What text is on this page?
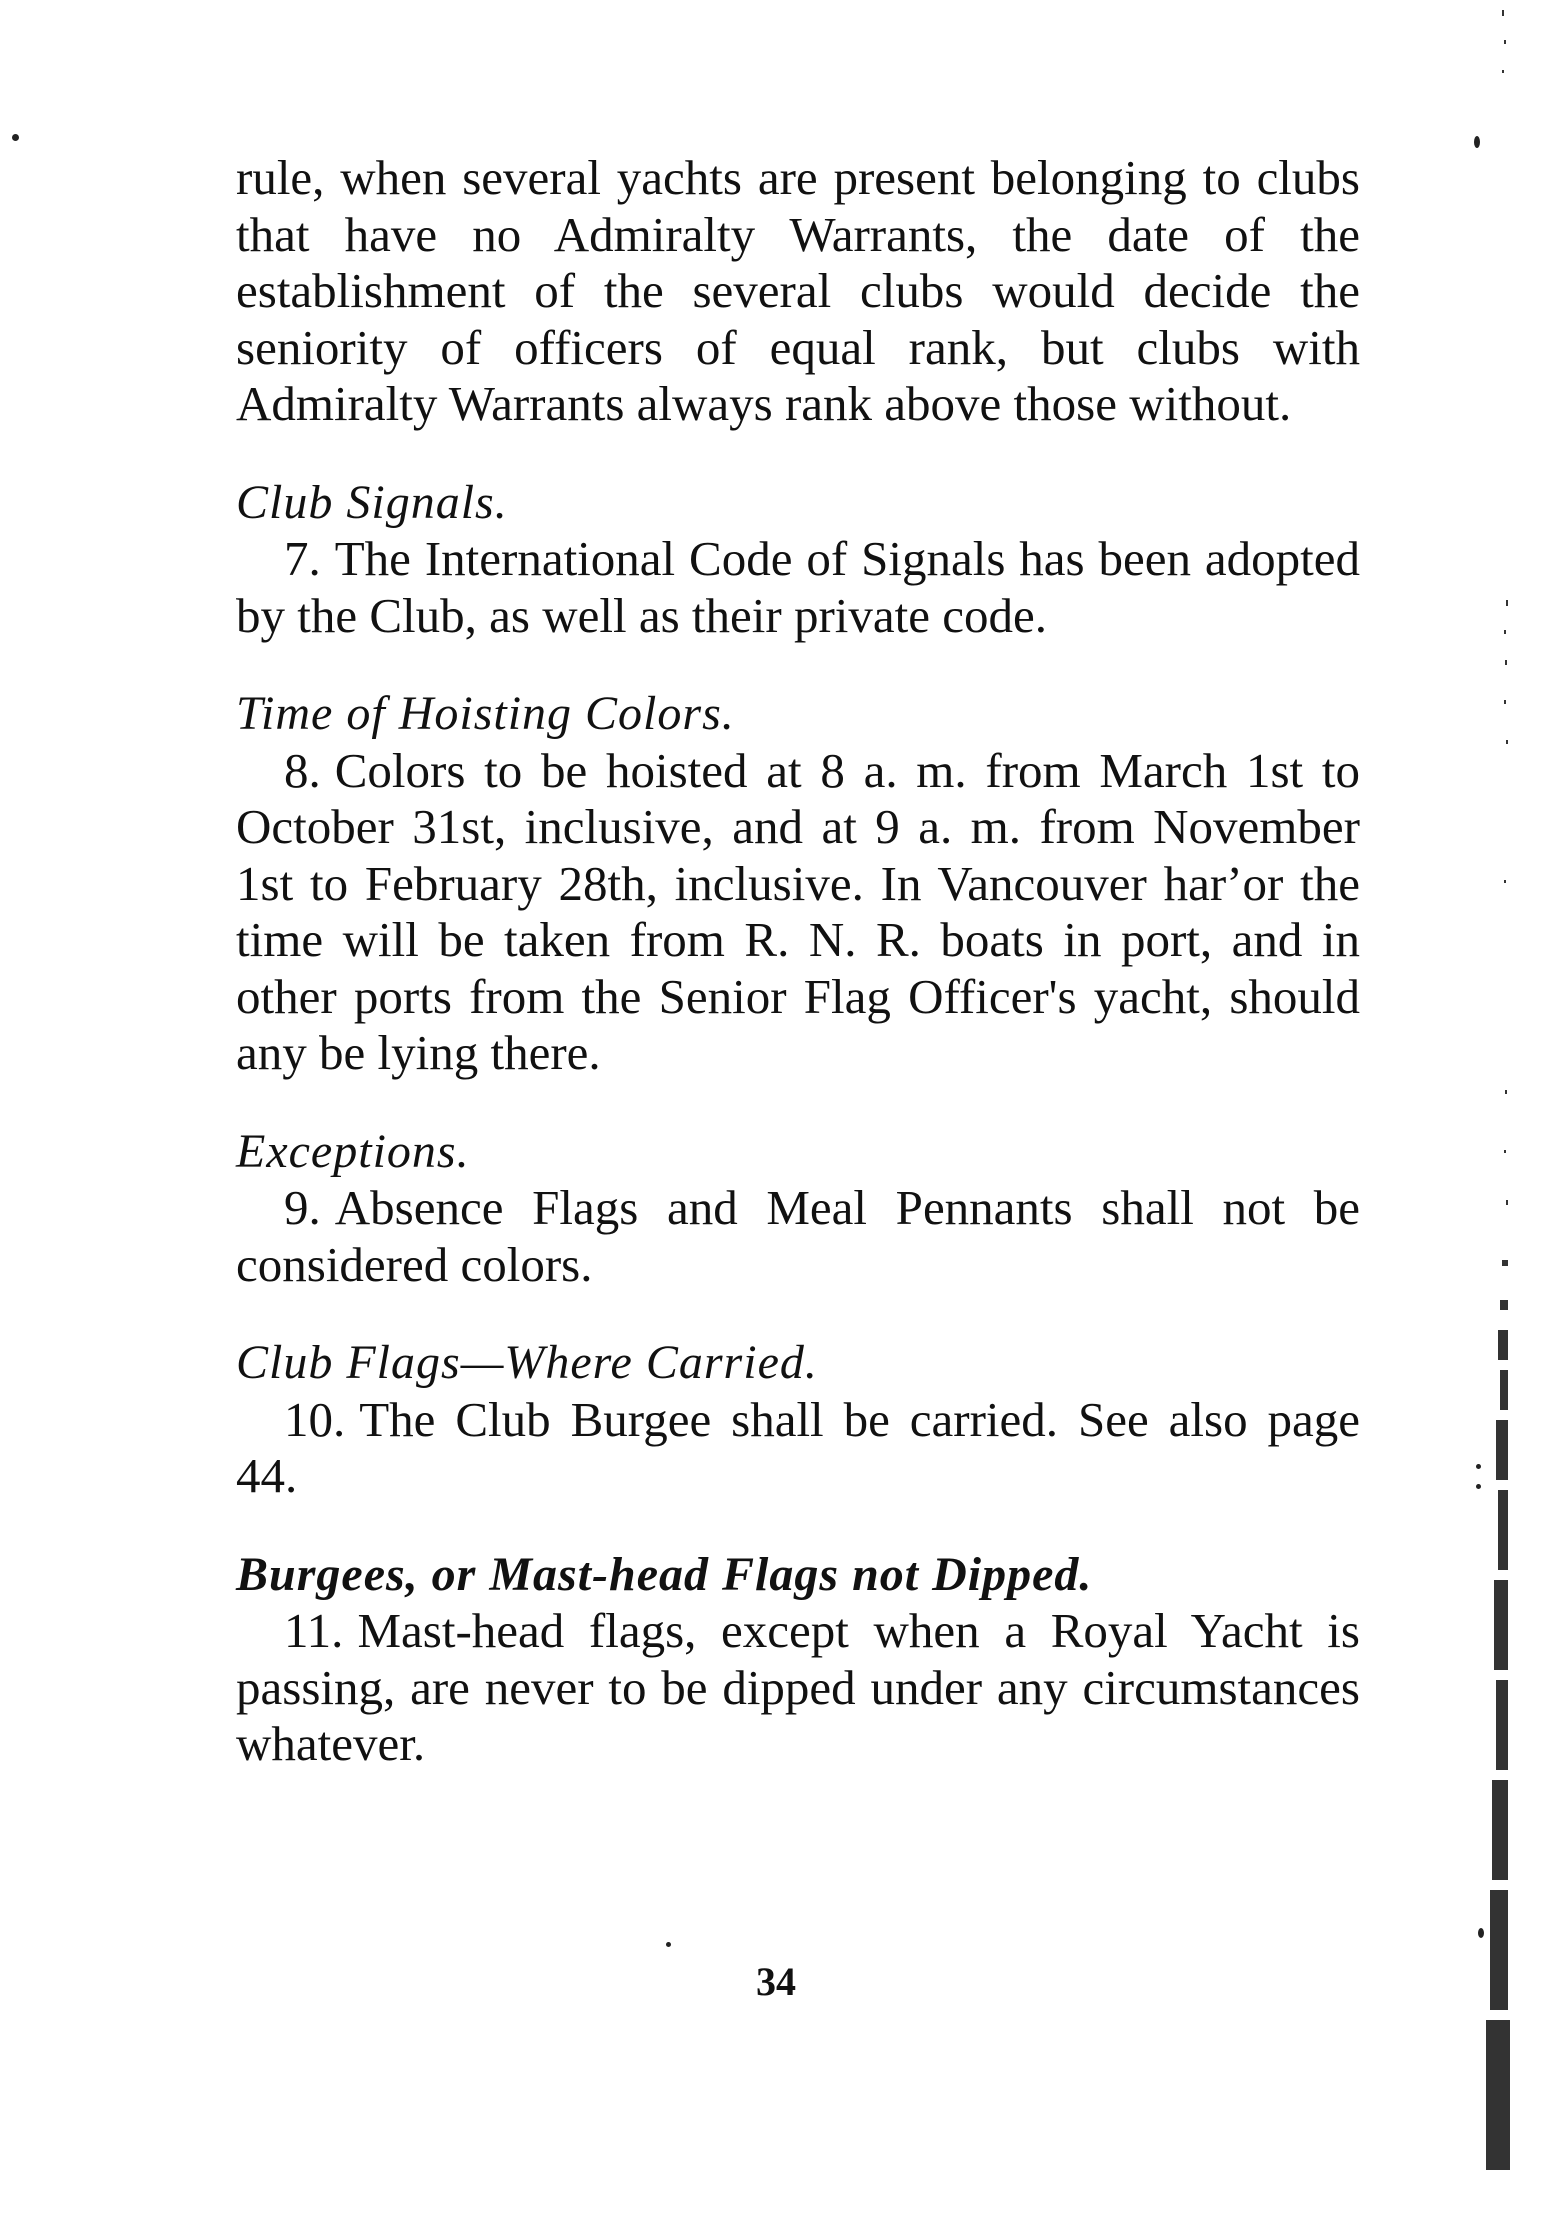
rule, when several yachts are present belonging to clubs that have no Admiralty Warrants, the date of the establishment of the several clubs would decide the seniority of officers of equal rank, but clubs with Admiralty Warrants always rank above those without.

Club Signals.

7. The International Code of Signals has been adopted by the Club, as well as their private code.

Time of Hoisting Colors.

8. Colors to be hoisted at 8 a. m. from March 1st to October 31st, inclusive, and at 9 a. m. from November 1st to February 28th, inclusive. In Vancouver harʼor the time will be taken from R. N. R. boats in port, and in other ports from the Senior Flag Officer's yacht, should any be lying there.

Exceptions.

9. Absence Flags and Meal Pennants shall not be considered colors.

Club Flags—Where Carried.

10. The Club Burgee shall be carried. See also page 44.

Burgees, or Mast-head Flags not Dipped.

11. Mast-head flags, except when a Royal Yacht is passing, are never to be dipped under any circumstances whatever.

34
